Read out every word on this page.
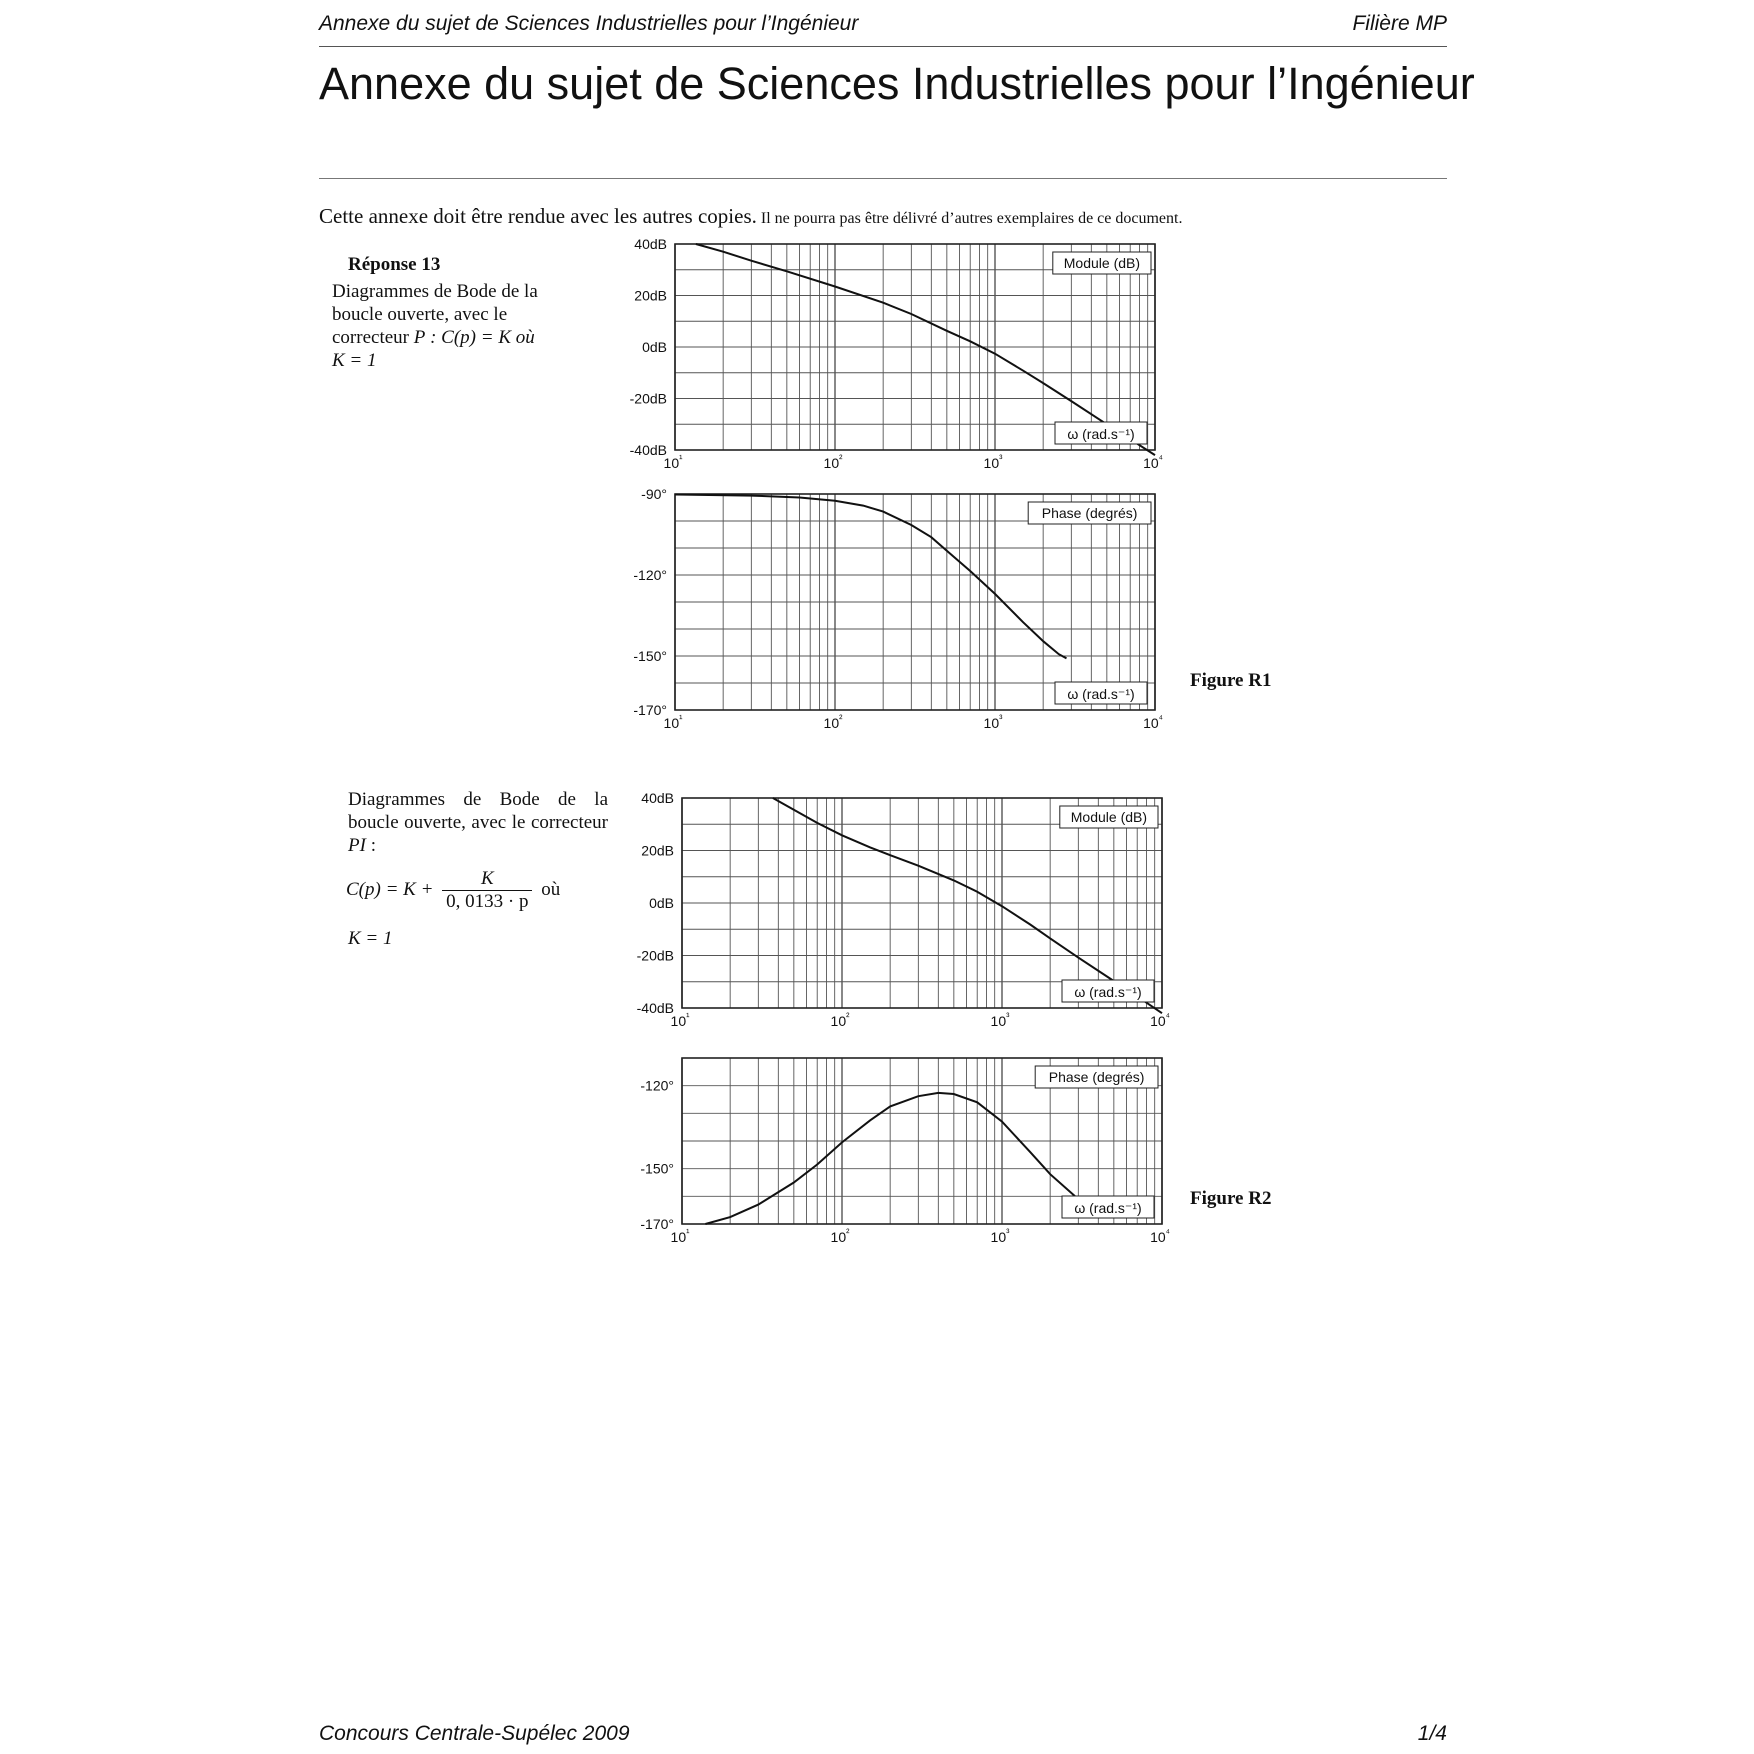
Annexe du sujet de Sciences Industrielles pour l’Ingénieur	Filière MP
Annexe du sujet de Sciences Industrielles pour l’Ingénieur
Cette annexe doit être rendue avec les autres copies. Il ne pourra pas être délivré d’autres exemplaires de ce document.
Réponse 13
Diagrammes de Bode de la boucle ouverte, avec le correcteur P : C(p) = K où
K = 1
Diagrammes de Bode de la boucle ouverte, avec le correcteur PI :
$C(p) = K + \frac{K}{0, 0133 \cdot p}$ où
K = 1
40dB
20dB
0dB
-20dB
-40dB
$10^{^1}$	$10^{^2}$	$10^{^3}$	$10^{^4}$
Module (dB)
ω (rad.s⁻¹)
-90°
-120°
-150°
-170°
$10^{^1}$	$10^{^2}$	$10^{^3}$	$10^{^4}$
Phase (degrés)
ω (rad.s⁻¹)
40dB
20dB
0dB
-20dB
-40dB
$10^{^1}$	$10^{^2}$	$10^{^3}$	$10^{^4}$
Module (dB)
ω (rad.s⁻¹)
-120°
-150°
-170°
$10^{^1}$	$10^{^2}$	$10^{^3}$	$10^{^4}$
Phase (degrés)
ω (rad.s⁻¹)
Figure R1
Figure R2
Concours Centrale-Supélec 2009	1/4
